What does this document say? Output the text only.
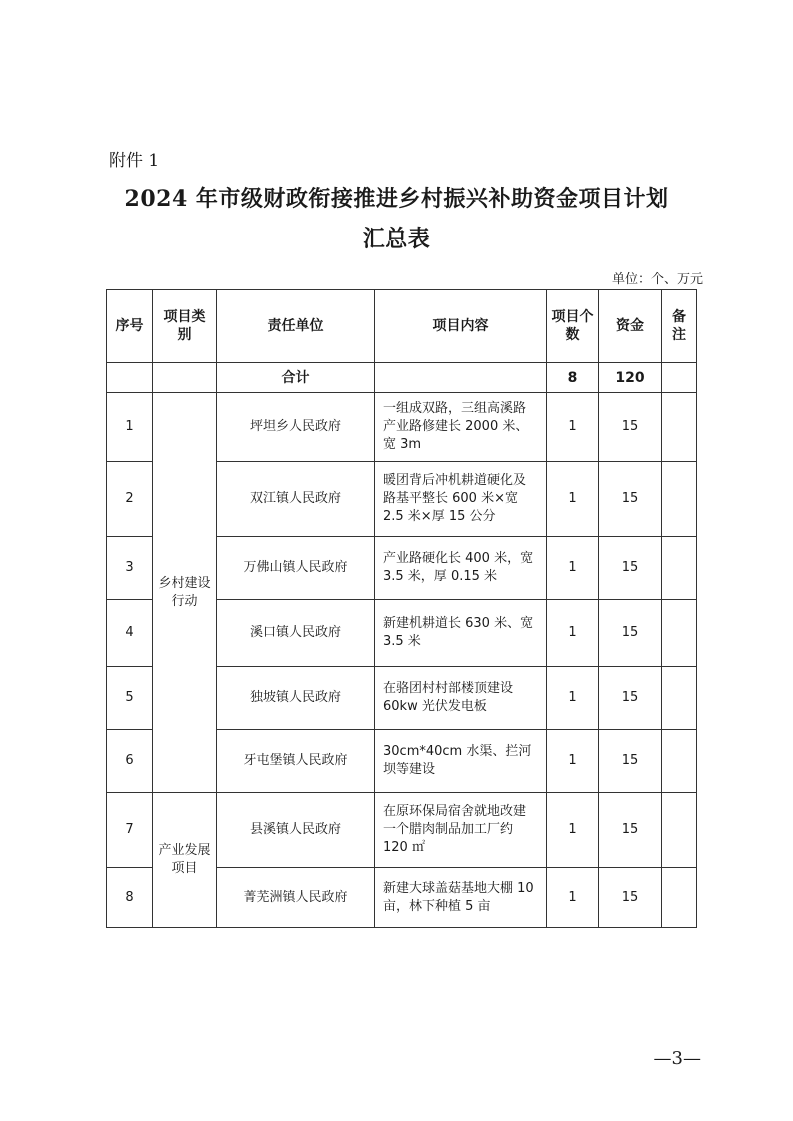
附件 1
2024 年市级财政衔接推进乡村振兴补助资金项目计划
汇总表
单位：个、万元
序号	项目类别	责任单位	项目内容	项目个数	资金	备注
		合计		8	120	
1	乡村建设行动	坪坦乡人民政府	一组成双路，三组高溪路产业路修建长 2000 米、宽 3m	1	15	
2		双江镇人民政府	暖团背后冲机耕道硬化及路基平整长 600 米×宽 2.5 米×厚 15 公分	1	15	
3		万佛山镇人民政府	产业路硬化长 400 米，宽 3.5 米，厚 0.15 米	1	15	
4		溪口镇人民政府	新建机耕道长 630 米、宽 3.5 米	1	15	
5		独坡镇人民政府	在骆团村村部楼顶建设 60kw 光伏发电板	1	15	
6		牙屯堡镇人民政府	30cm*40cm 水渠、拦河坝等建设	1	15	
7	产业发展项目	县溪镇人民政府	在原环保局宿舍就地改建一个腊肉制品加工厂约 120 ㎡	1	15	
8		菁芜洲镇人民政府	新建大球盖菇基地大棚 10 亩，林下种植 5 亩	1	15	
—3—
